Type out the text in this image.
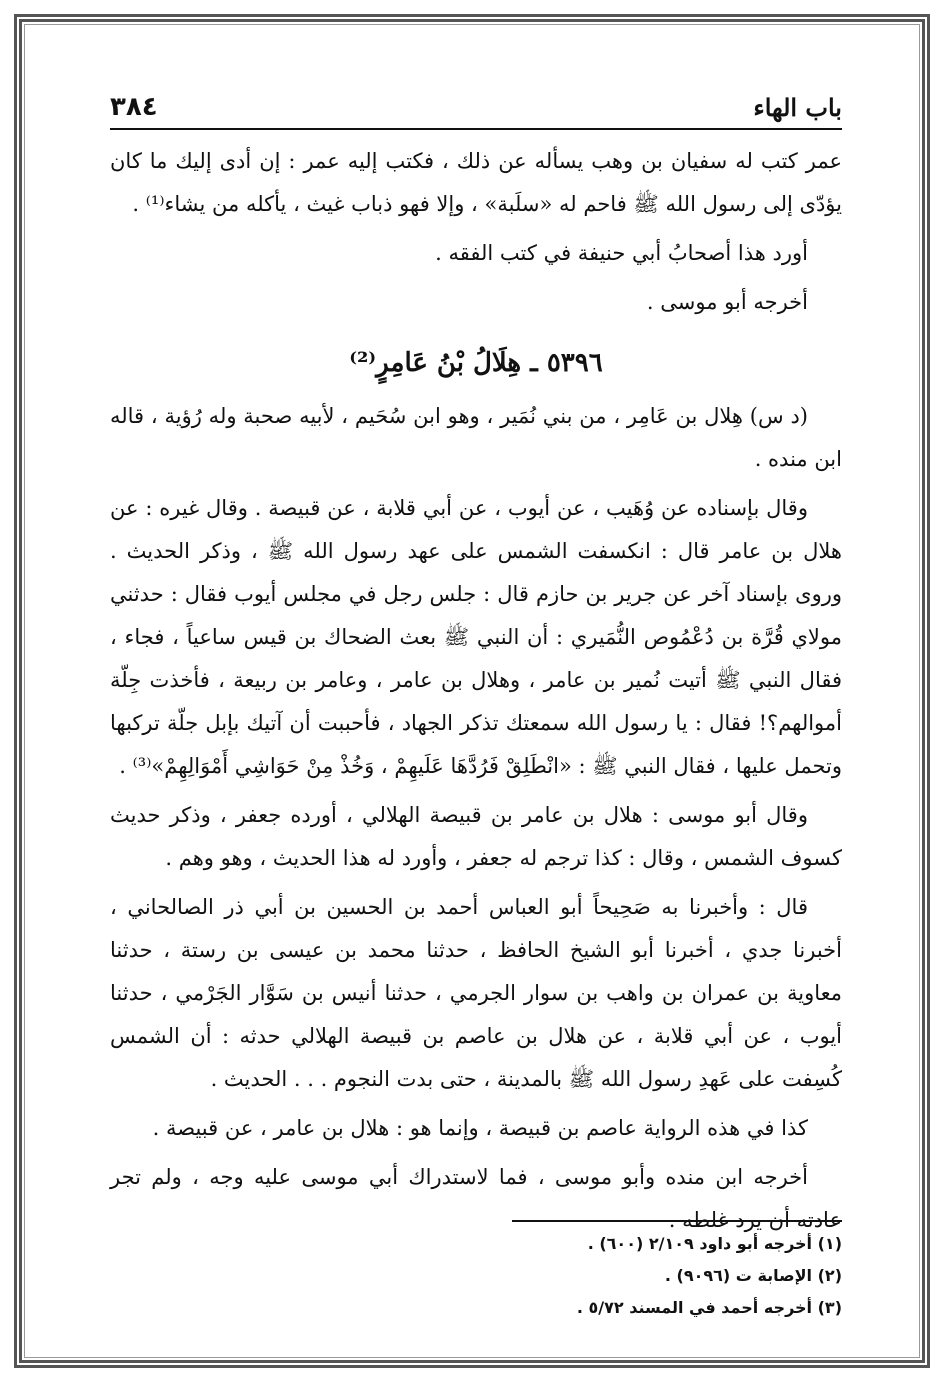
باب الهاء
٣٨٤

عمر كتب له سفيان بن وهب يسأله عن ذلك ، فكتب إليه عمر : إن أدى إليك ما كان يؤدّى إلى رسول الله ﷺ فاحم له «سلَبة» ، وإلا فهو ذباب غيث ، يأكله من يشاء⁽¹⁾ .

أورد هذا أصحابُ أبي حنيفة في كتب الفقه .

أخرجه أبو موسى .

٥٣٩٦ ـ هِلَالُ بْنُ عَامِرٍ⁽²⁾

(د س) هِلال بن عَامِر ، من بني نُمَير ، وهو ابن سُحَيم ، لأبيه صحبة وله رُؤية ، قاله ابن منده .

وقال بإسناده عن وُهَيب ، عن أيوب ، عن أبي قلابة ، عن قبيصة . وقال غيره : عن هلال بن عامر قال : انكسفت الشمس على عهد رسول الله ﷺ ، وذكر الحديث . وروى بإسناد آخر عن جرير بن حازم قال : جلس رجل في مجلس أيوب فقال : حدثني مولاي قُرَّة بن دُعْمُوص النُّمَيري : أن النبي ﷺ بعث الضحاك بن قيس ساعياً ، فجاء ، فقال النبي ﷺ أتيت نُمير بن عامر ، وهلال بن عامر ، وعامر بن ربيعة ، فأخذت جِلّة أموالهم؟! فقال : يا رسول الله سمعتك تذكر الجهاد ، فأحببت أن آتيك بإبل جلّة تركبها وتحمل عليها ، فقال النبي ﷺ : «انْطَلِقْ فَرُدَّهَا عَلَيهِمْ ، وَخُذْ مِنْ حَوَاشِي أَمْوَالِهِمْ»⁽³⁾ .

وقال أبو موسى : هلال بن عامر بن قبيصة الهلالي ، أورده جعفر ، وذكر حديث كسوف الشمس ، وقال : كذا ترجم له جعفر ، وأورد له هذا الحديث ، وهو وهم .

قال : وأخبرنا به صَحِيحاً أبو العباس أحمد بن الحسين بن أبي ذر الصالحاني ، أخبرنا جدي ، أخبرنا أبو الشيخ الحافظ ، حدثنا محمد بن عيسى بن رستة ، حدثنا معاوية بن عمران بن واهب بن سوار الجرمي ، حدثنا أنيس بن سَوَّار الجَرْمي ، حدثنا أيوب ، عن أبي قلابة ، عن هلال بن عاصم بن قبيصة الهلالي حدثه : أن الشمس كُسِفت على عَهدِ رسول الله ﷺ بالمدينة ، حتى بدت النجوم . . . الحديث .

كذا في هذه الرواية عاصم بن قبيصة ، وإنما هو : هلال بن عامر ، عن قبيصة .

أخرجه ابن منده وأبو موسى ، فما لاستدراك أبي موسى عليه وجه ، ولم تجر عادته أن يرد غلطه .

(١) أخرجه أبو داود ٢/١٠٩ (٦٠٠) .
(٢) الإصابة ت (٩٠٩٦) .
(٣) أخرجه أحمد في المسند ٥/٧٢ .
